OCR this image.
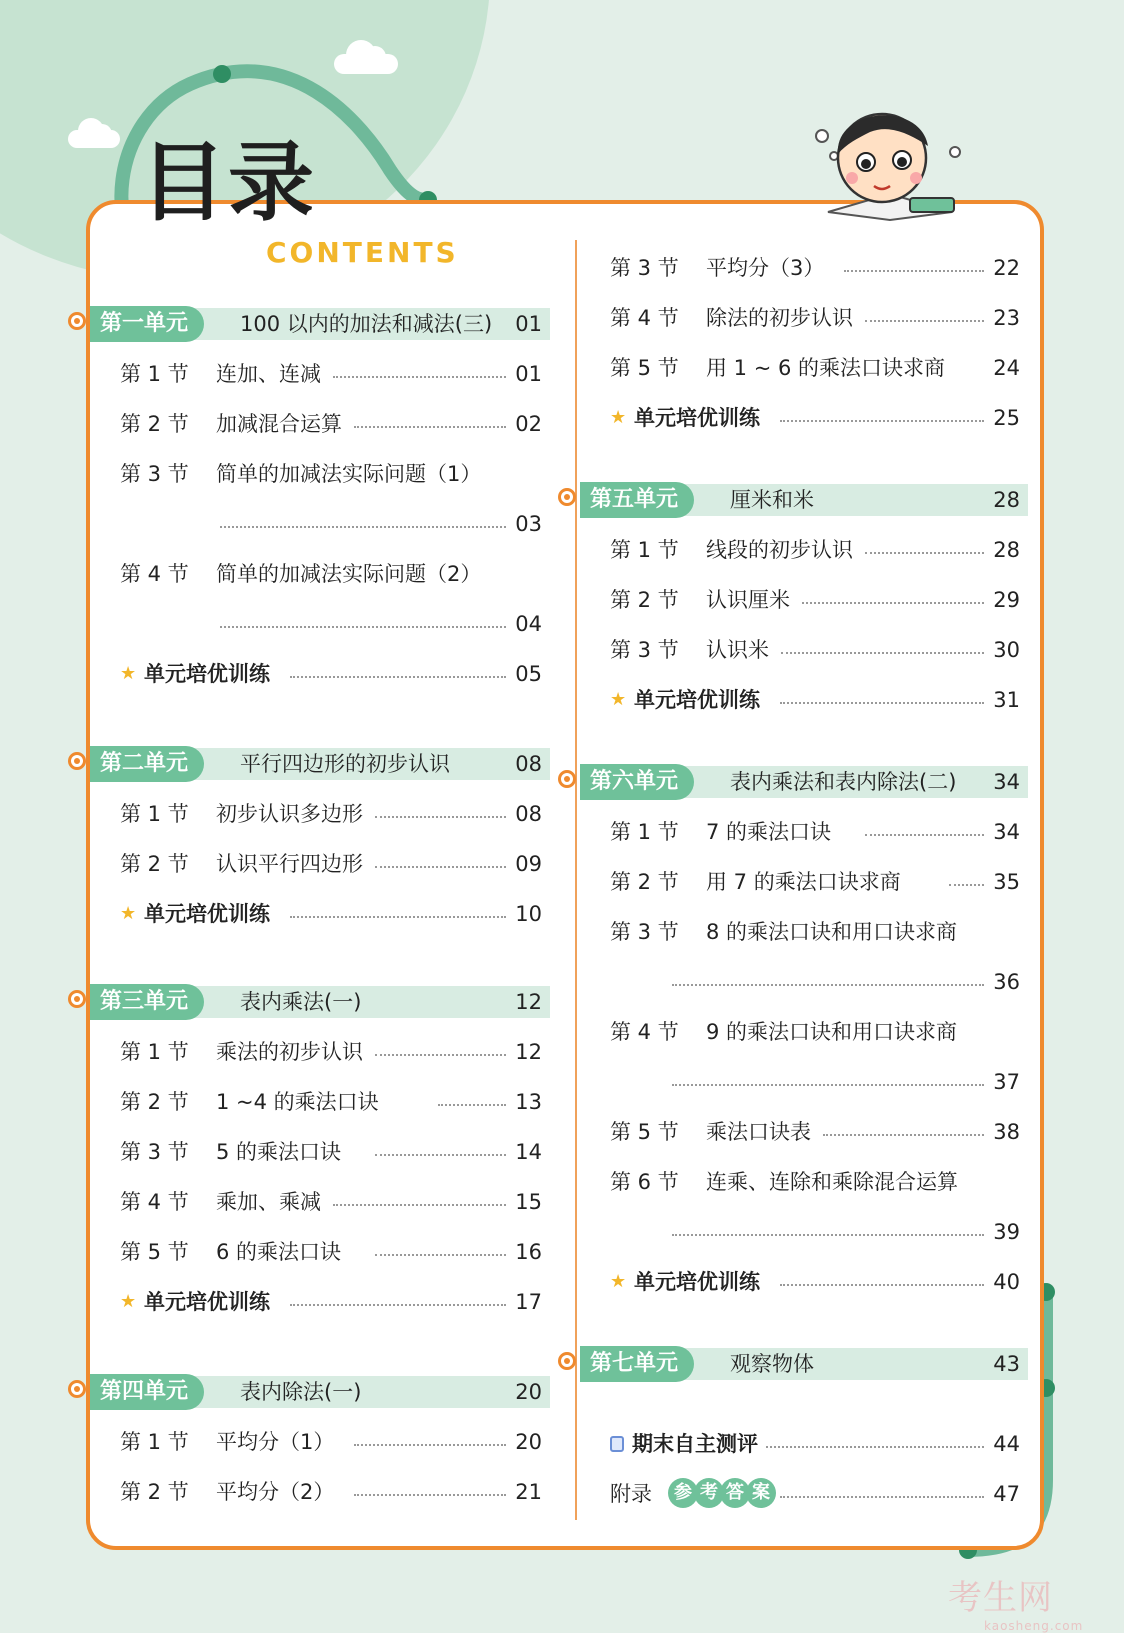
目录
CONTENTS
第一单元	100 以内的加法和减法(三) 01
第 1 节 连加、连减	01
第 2 节 加减混合运算	02
第 3 节 简单的加减法实际问题（1）
03
第 4 节 简单的加减法实际问题（2）
04
★ 单元培优训练	05
第二单元	平行四边形的初步认识	08
第 1 节 初步认识多边形	08
第 2 节 认识平行四边形	09
★ 单元培优训练	10
第三单元	表内乘法(一)	12
第 1 节 乘法的初步认识	12
第 2 节 1 ~4 的乘法口诀	13
第 3 节 5 的乘法口诀	14
第 4 节 乘加、乘减	15
第 5 节 6 的乘法口诀	16
★ 单元培优训练	17
第四单元	表内除法(一)	20
第 1 节 平均分（1）	20
第 2 节 平均分（2）	21
第 3 节 平均分（3）	22
第 4 节 除法的初步认识	23
第 5 节 用 1 ~ 6 的乘法口诀求商 24
★ 单元培优训练	25
第五单元	厘米和米	28
第 1 节 线段的初步认识	28
第 2 节 认识厘米	29
第 3 节 认识米	30
★ 单元培优训练	31
第六单元	表内乘法和表内除法(二) 34
第 1 节 7 的乘法口诀	34
第 2 节 用 7 的乘法口诀求商	35
第 3 节 8 的乘法口诀和用口诀求商
36
第 4 节 9 的乘法口诀和用口诀求商
37
第 5 节 乘法口诀表	38
第 6 节 连乘、连除和乘除混合运算
39
★ 单元培优训练	40
第七单元	观察物体	43
期末自主测评	44
附录	参 考 答 案	47
考生网
kaosheng.com
